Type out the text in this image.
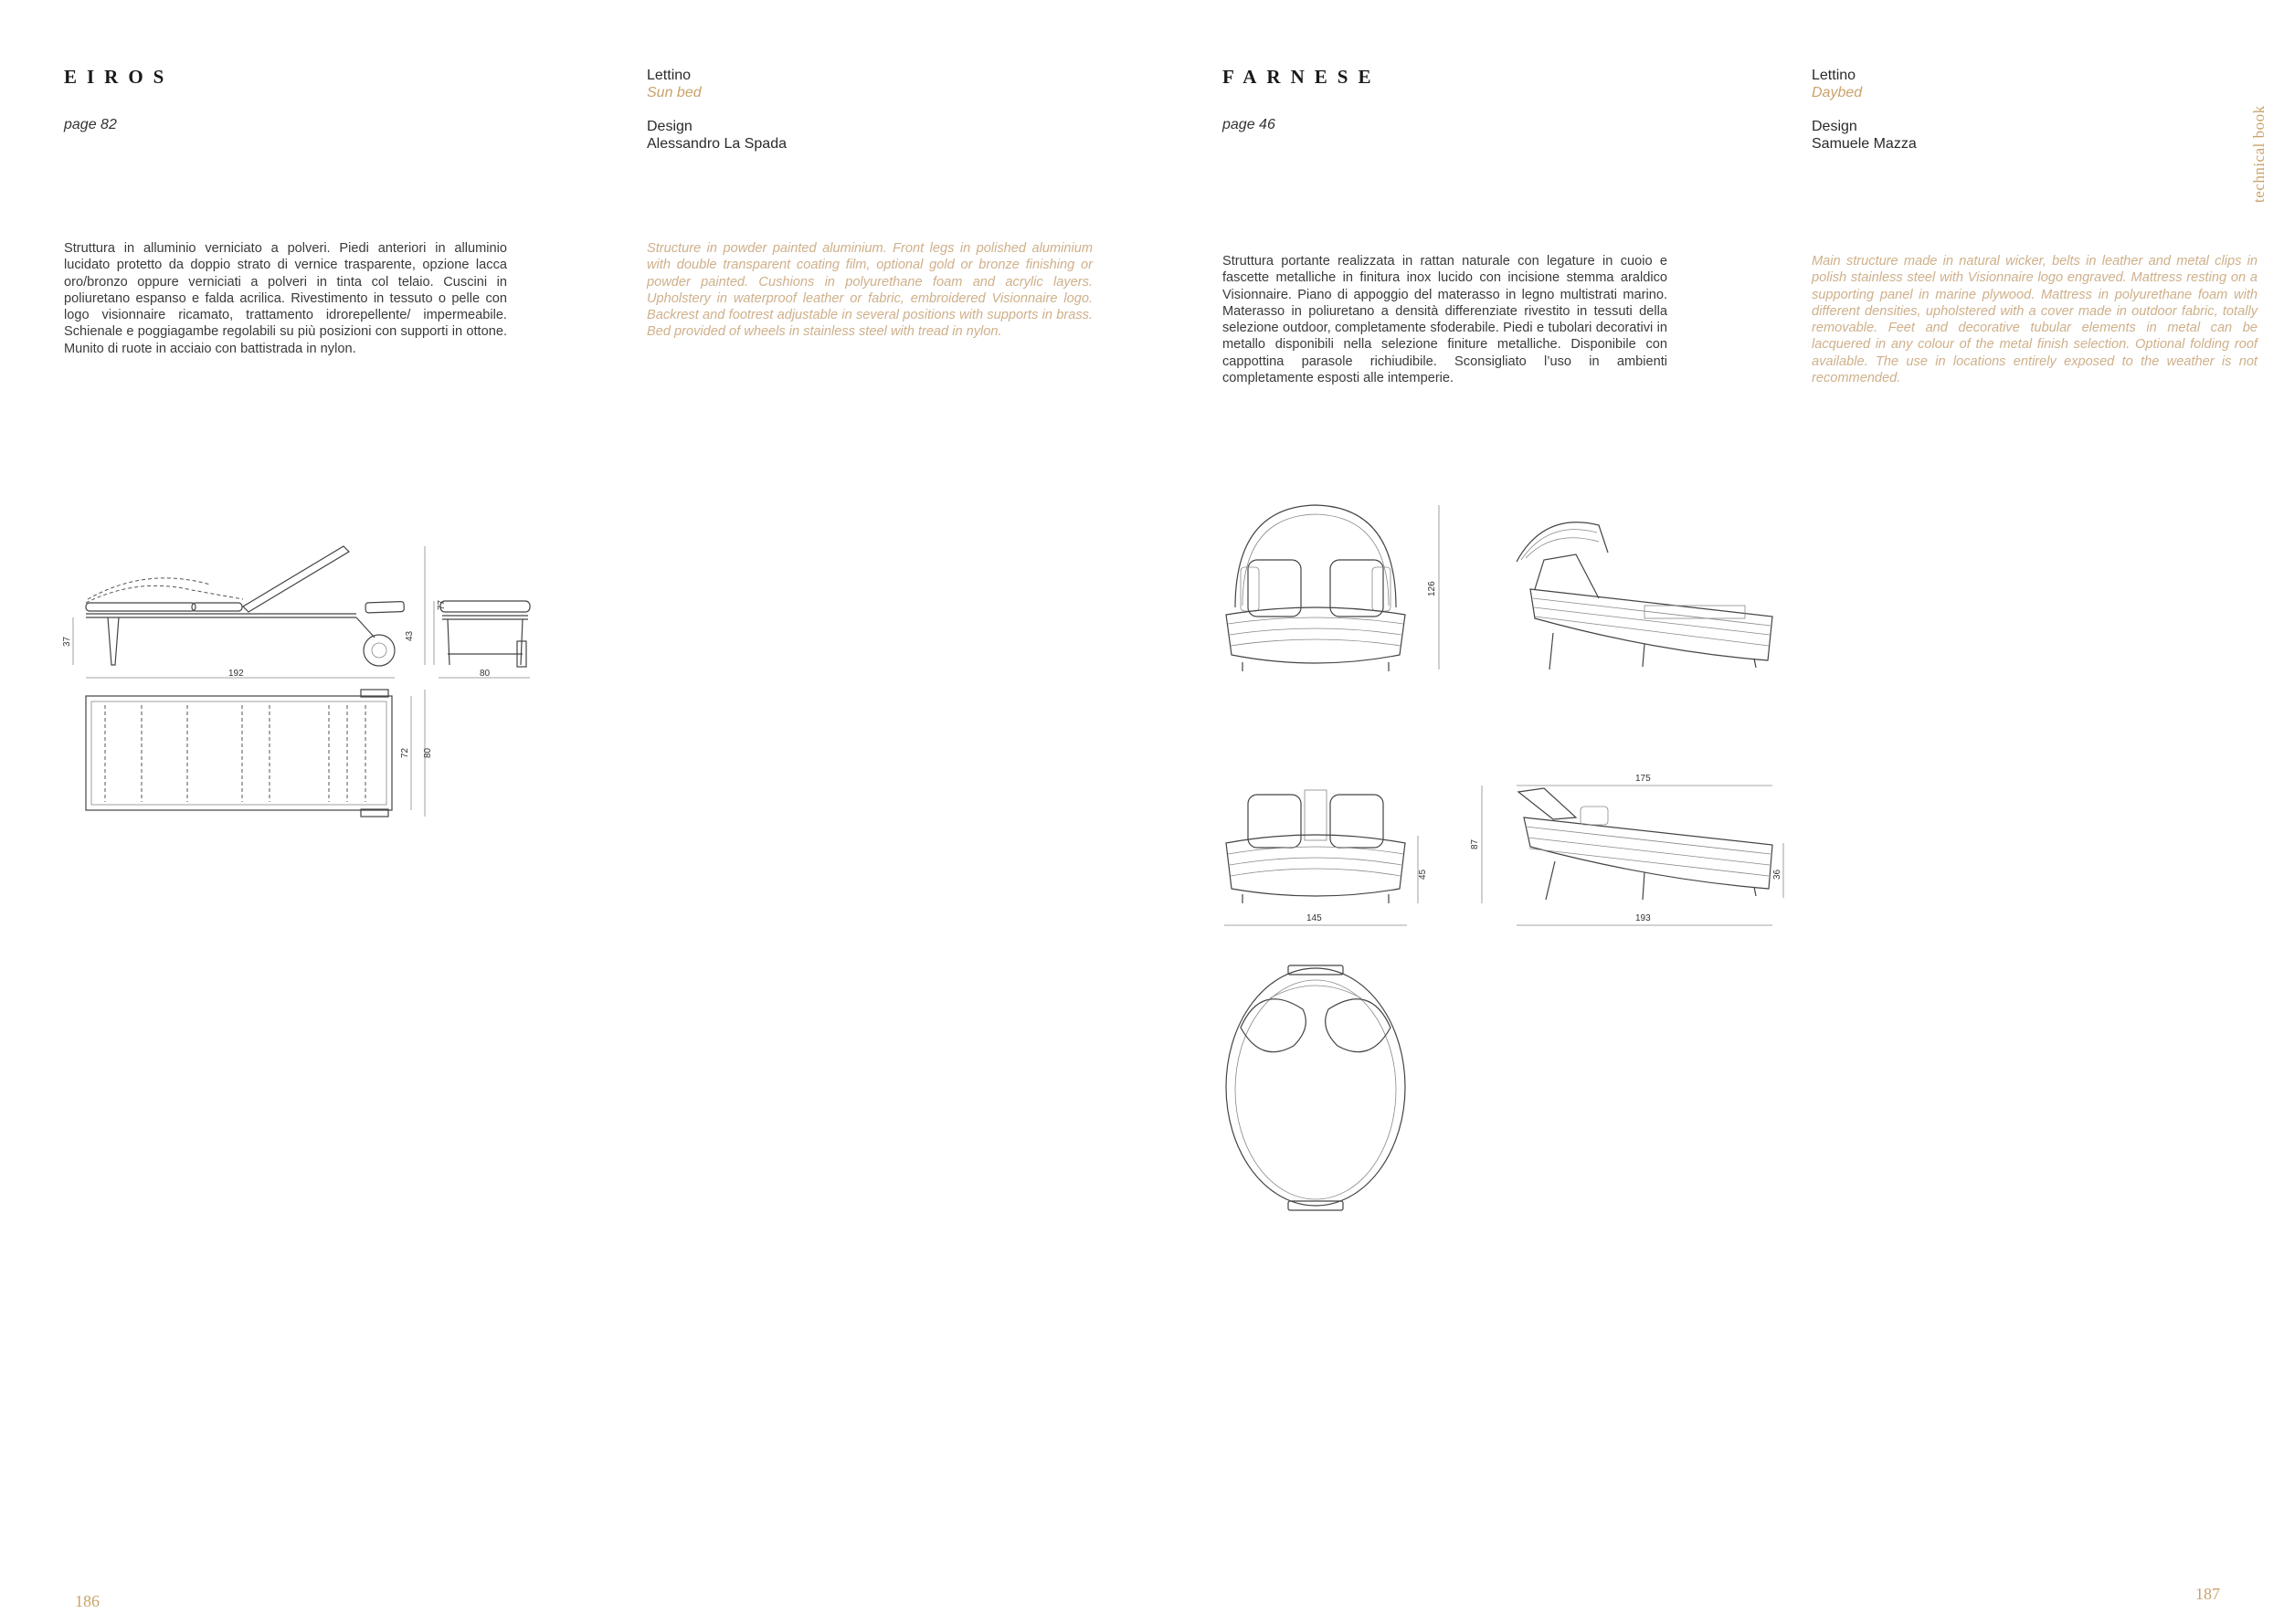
EIROS
page 82
Lettino
Sun bed
Design
Alessandro La Spada
Struttura in alluminio verniciato a polveri. Piedi anteriori in alluminio lucidato protetto da doppio strato di vernice trasparente, opzione lacca oro/bronzo oppure verniciati a polveri in tinta col telaio. Cuscini in poliuretano espanso e falda acrilica. Rivestimento in tessuto o pelle con logo visionnaire ricamato, trattamento idrorepellente/ impermeabile. Schienale e poggiagambe regolabili su più posizioni con supporti in ottone. Munito di ruote in acciaio con battistrada in nylon.
Structure in powder painted aluminium. Front legs in polished aluminium with double transparent coating film, optional gold or bronze finishing or powder painted. Cushions in polyurethane foam and acrylic layers. Upholstery in waterproof leather or fabric, embroidered Visionnaire logo. Backrest and footrest adjustable in several positions with supports in brass. Bed provided of wheels in stainless steel with tread in nylon.
37
192
43
77
80
72 80
186
FARNESE
page 46
Lettino
Daybed
Design
Samuele Mazza
Struttura portante realizzata in rattan naturale con legature in cuoio e fascette metalliche in finitura inox lucido con incisione stemma araldico Visionnaire. Piano di appoggio del materasso in legno multistrati marino. Materasso in poliuretano a densità differenziate rivestito in tessuti della selezione outdoor, completamente sfoderabile. Piedi e tubolari decorativi in metallo disponibili nella selezione finiture metalliche. Disponibile con cappottina parasole richiudibile. Sconsigliato l’uso in ambienti completamente esposti alle intemperie.
Main structure made in natural wicker, belts in leather and metal clips in polish stainless steel with Visionnaire logo engraved. Mattress resting on a supporting panel in marine plywood. Mattress in polyurethane foam with different densities, upholstered with a cover made in outdoor fabric, totally removable. Feet and decorative tubular elements in metal can be lacquered in any colour of the metal finish selection. Optional folding roof available. The use in locations entirely exposed to the weather is not recommended.
technical book
126
145
45
87
175
193
36
187
